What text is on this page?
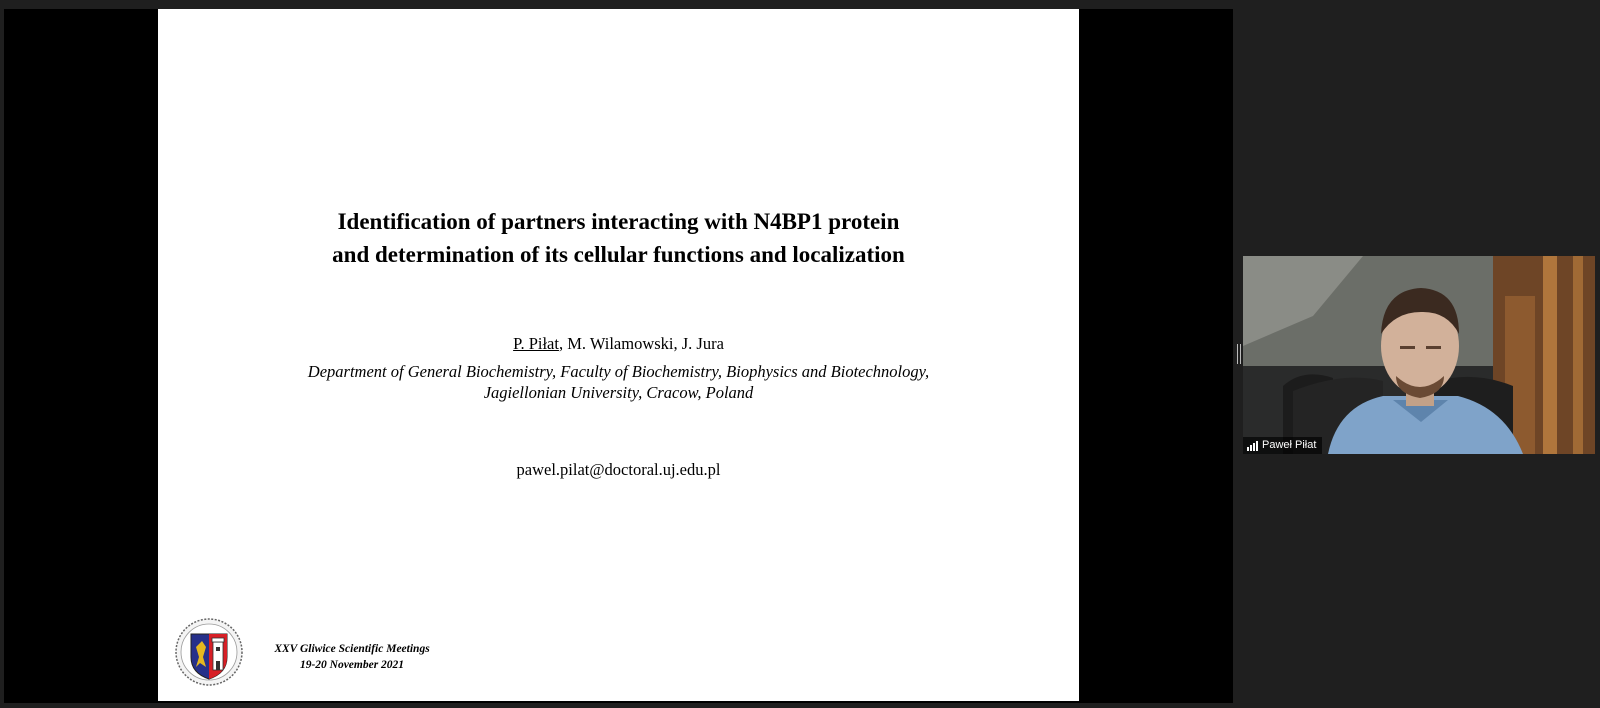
Identification of partners interacting with N4BP1 protein
and determination of its cellular functions and localization
P. Piłat, M. Wilamowski, J. Jura
Department of General Biochemistry, Faculty of Biochemistry, Biophysics and Biotechnology,
Jagiellonian University, Cracow, Poland
pawel.pilat@doctoral.uj.edu.pl
XXV Gliwice Scientific Meetings
19-20 November 2021
Paweł Piłat
